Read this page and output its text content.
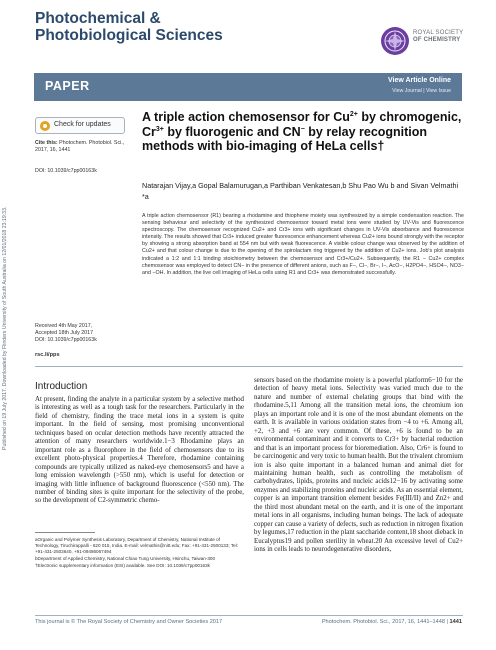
Published on 19 July 2017. Downloaded by Flinders University of South Australia on 12/01/2018 23:19:33.
Photochemical &
Photobiological Sciences	ROYAL SOCIETY
OF CHEMISTRY
PAPER	View Article Online
View Journal | View Issue
Check for updates
Cite this: Photochem. Photobiol. Sci., 2017, 16, 1441
DOI: 10.1039/c7pp00163k
Received 4th May 2017,
Accepted 18th July 2017
DOI: 10.1039/c7pp00163k
rsc.li/pps
A triple action chemosensor for $Cu^{2+}$ by chromogenic, $Cr^{3+}$ by fluorogenic and CN− by relay recognition methods with bio-imaging of HeLa cells†
Natarajan Vijay,a Gopal Balamurugan,a Parthiban Venkatesan,b Shu Pao Wu b and Sivan Velmathi *a
A triple action chemosensor (R1) bearing a rhodamine and thiophene moiety was synthesized by a simple condensation reaction. The sensing behaviour and selectivity of the synthesized chemosensor toward metal ions were studied by UV-Vis and fluorescence spectroscopy. The chemosensor recognized Cu2+ and Cr3+ ions with significant changes in UV-Vis absorbance and fluorescence intensity. The results showed that Cr3+ induced greater fluorescence enhancement whereas Cu2+ ions bound strongly with the receptor by showing a strong absorption band at 554 nm but with weak fluorescence. A visible colour change was observed by the addition of Cu2+ and that colour change is due to the opening of the spirolactam ring triggered by the addition of Cu2+ ions. Job's plot analysis indicated a 1:2 and 1:1 binding stoichiometry between the chemosensor and Cr3+/Cu2+. Subsequently, the R1 − Cu2+ complex chemosensor was employed to detect CN− in the presence of different anions, such as F−, Cl−, Br−, I−, AcO−, H2PO4−, HSO4−, NO3− and −OH. In addition, the live cell imaging of HeLa cells using R1 and Cr3+ was demonstrated successfully.
Introduction

At present, finding the analyte in a particular system by a selective method is interesting as well as a tough task for the researchers. Particularly in the field of chemistry, finding the trace metal ions in a system is quite important. In the field of sensing, most promising unconventional techniques based on ocular detection methods have recently attracted the attention of many researchers worldwide.1−3 Rhodamine plays an important role as a fluorophore in the field of chemosensors due to its excellent photo-physical properties.4 Therefore, rhodamine containing compounds are typically utilized as naked-eye chemosensors5 and have a long emission wavelength (>550 nm), which is useful for detection or imaging with little influence of background fluorescence (<550 nm). The number of binding sites is quite important for the selectivity of the probe, so the development of C2-symmetric chemo-

sensors based on the rhodamine moiety is a powerful platform6−10 for the detection of heavy metal ions. Selectivity was varied much due to the nature and number of external chelating groups that bind with the rhodamine.5,11 Among all the transition metal ions, the chromium ion plays an important role and it is one of the most abundant elements on the earth. It is available in various oxidation states from −4 to +6. Among all, +2, +3 and +6 are very common. Of these, +6 is found to be an environmental contaminant and it converts to Cr3+ by bacterial reduction and that is an important process for bioremediation. Also, Cr6+ is found to be carcinogenic and very toxic to human health. But the trivalent chromium ion is also quite important in a balanced human and animal diet for maintaining human health, such as controlling the metabolism of carbohydrates, lipids, proteins and nucleic acids12−16 by activating some enzymes and stabilizing proteins and nucleic acids. As an essential element, copper is an important transition element besides Fe(III/II) and Zn2+ and the third most abundant metal on the earth, and it is one of the important metal ions in all organisms, including human beings. The lack of adequate copper can cause a variety of defects, such as reduction in nitrogen fixation by legumes,17 reduction in the plant saccharide content,18 shoot dieback in Eucalyptus19 and pollen sterility in wheat.20 An excessive level of Cu2+ ions in cells leads to neurodegenerative disorders,

aOrganic and Polymer Synthesis Laboratory, Department of Chemistry, National Institute of Technology, Tiruchirappalli - 620 015, India. E-mail: velmathis@nitt.edu; Fax: +91-431-2500133; Tel: +91-431-2503640, +91-09486067494

bDepartment of Applied Chemistry, National Chiao Tung University, Hsinchu, Taiwan-300

†Electronic supplementary information (ESI) available. See DOI: 10.1039/c7pp00163k

This journal is © The Royal Society of Chemistry and Owner Societies 2017	Photochem. Photobiol. Sci., 2017, 16, 1441–1448 | 1441
